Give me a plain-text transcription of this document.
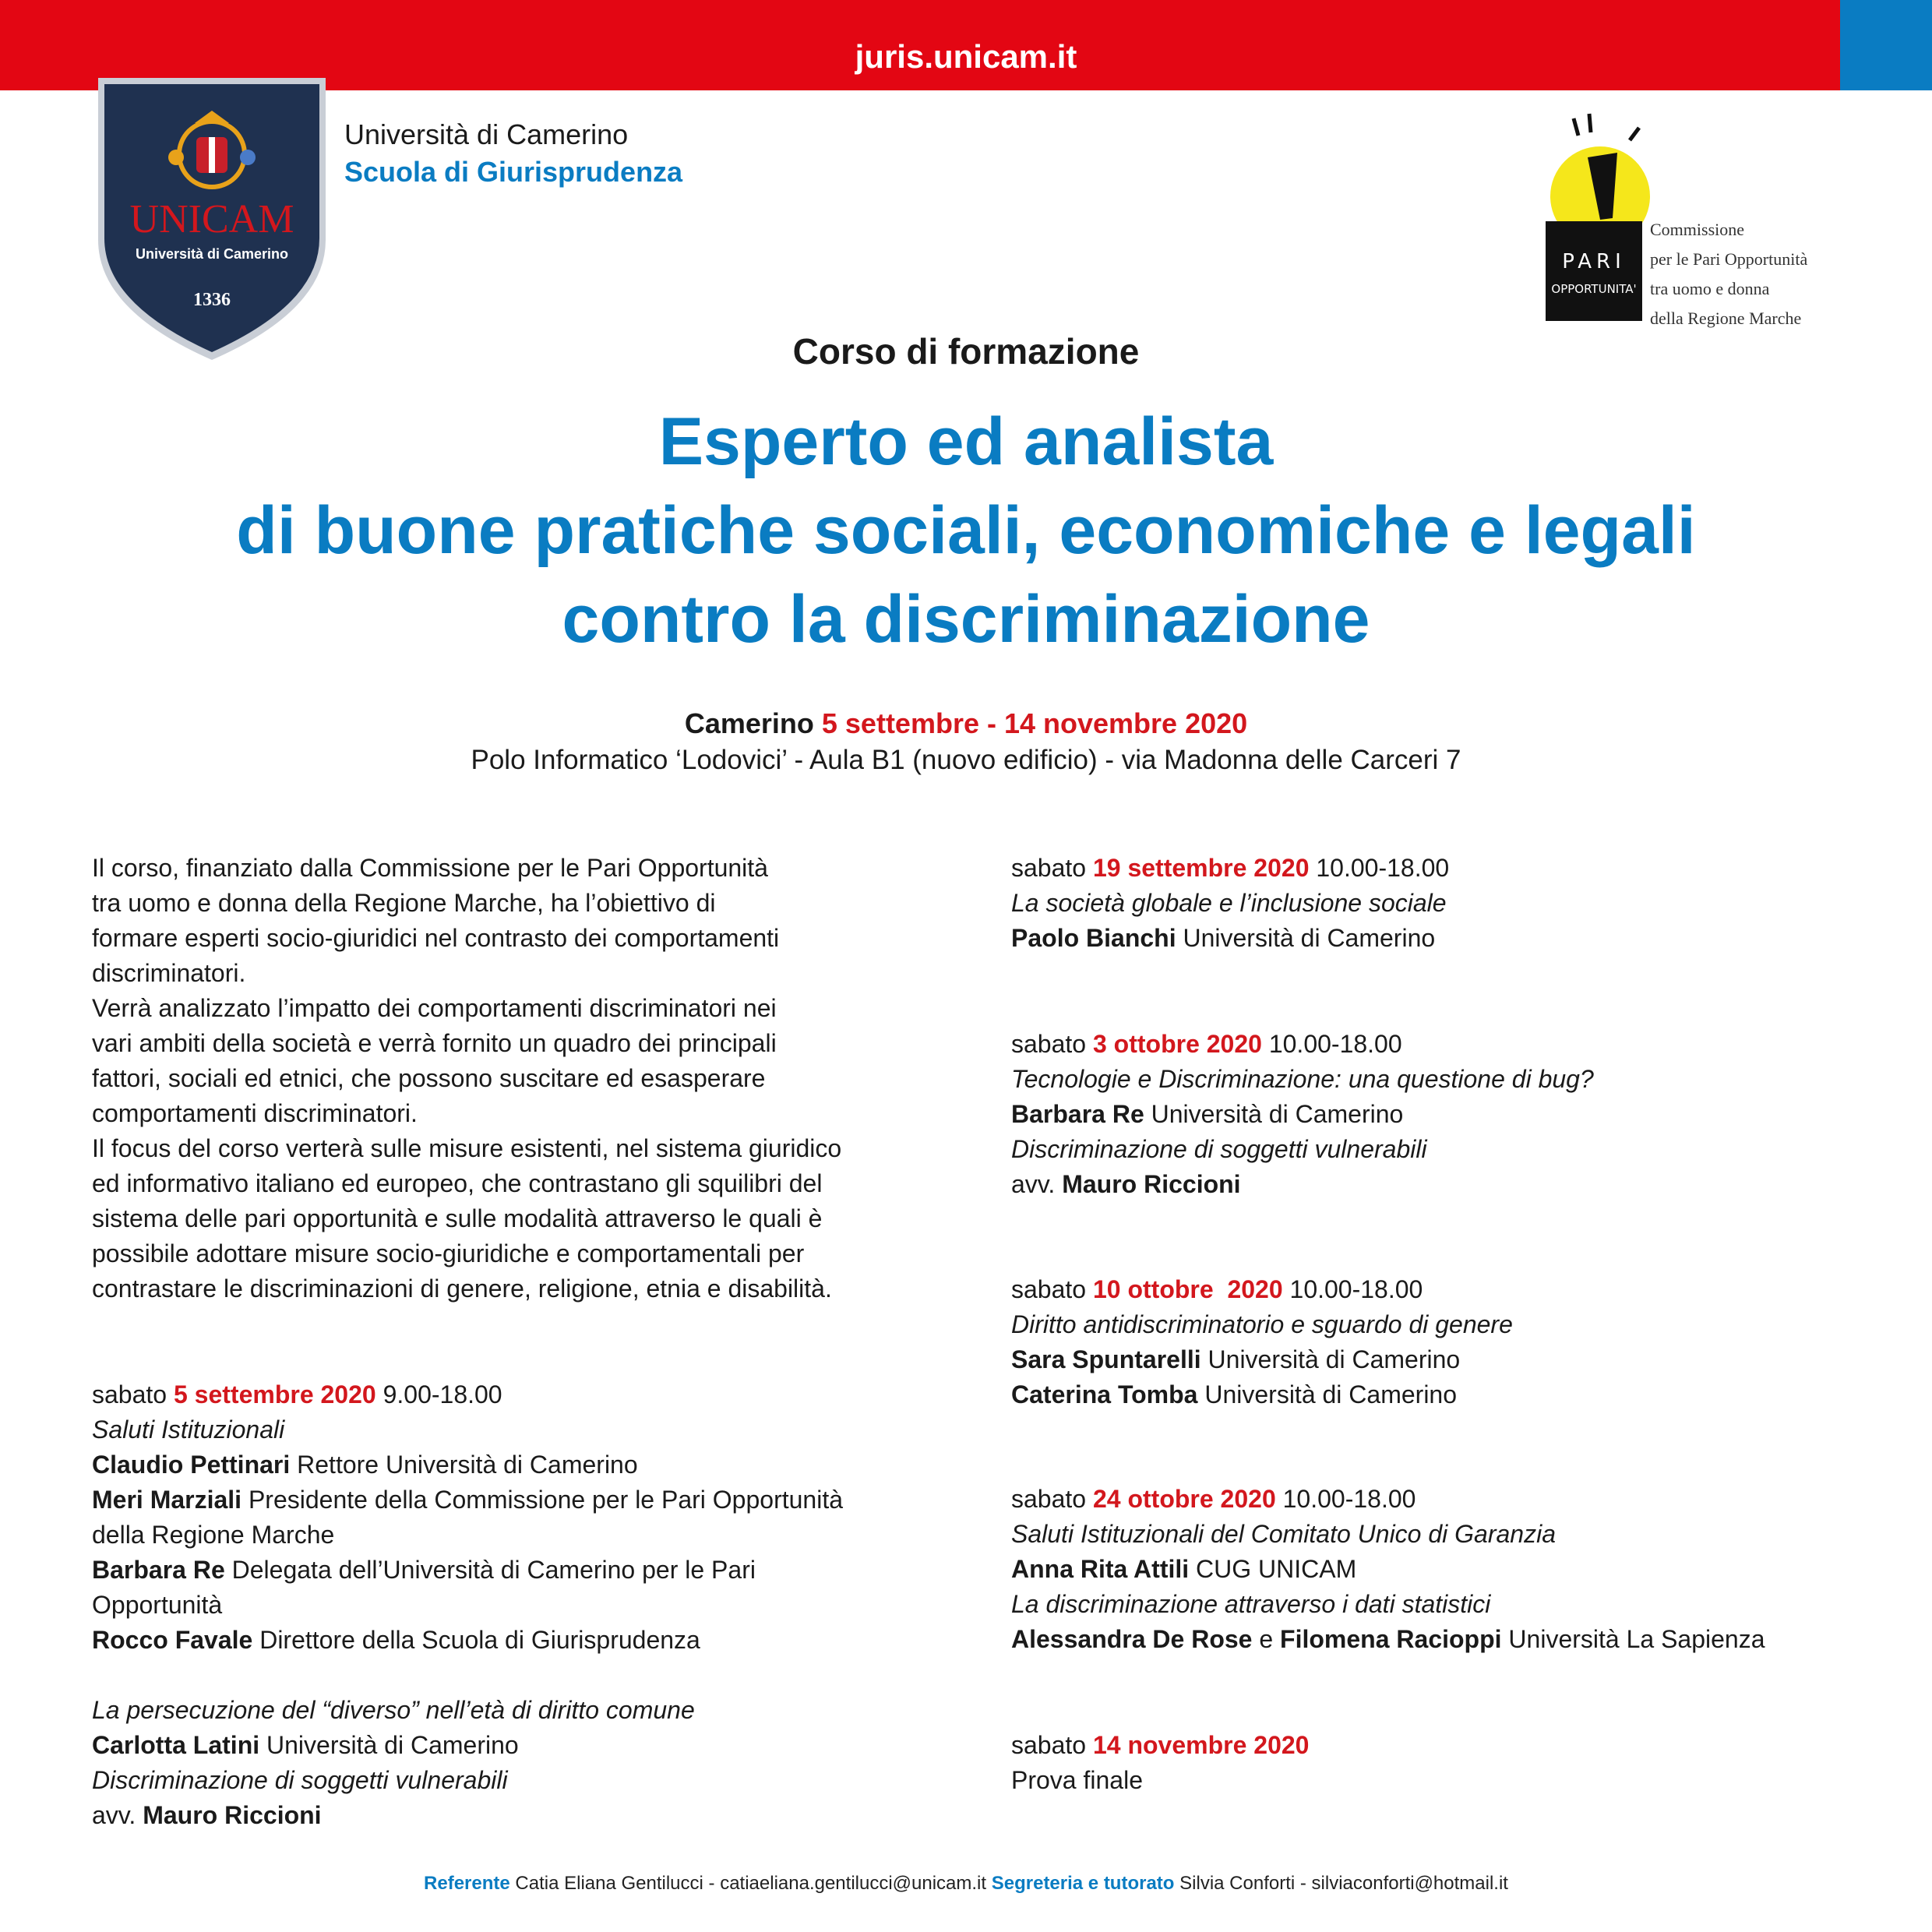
juris.unicam.it
UNICAM
Università di Camerino
1336
Università di Camerino
Scuola di Giurisprudenza
PARI
OPPORTUNITA'
Commissione
per le Pari Opportunità
tra uomo e donna
della Regione Marche
Corso di formazione
Esperto ed analista
di buone pratiche sociali, economiche e legali
contro la discriminazione
Camerino 5 settembre - 14 novembre 2020
Polo Informatico ‘Lodovici’ - Aula B1 (nuovo edificio) - via Madonna delle Carceri 7
Il corso, finanziato dalla Commissione per le Pari Opportunità
tra uomo e donna della Regione Marche, ha l’obiettivo di
formare esperti socio-giuridici nel contrasto dei comportamenti
discriminatori.
Verrà analizzato l’impatto dei comportamenti discriminatori nei
vari ambiti della società e verrà fornito un quadro dei principali
fattori, sociali ed etnici, che possono suscitare ed esasperare
comportamenti discriminatori.
Il focus del corso verterà sulle misure esistenti, nel sistema giuridico
ed informativo italiano ed europeo, che contrastano gli squilibri del
sistema delle pari opportunità e sulle modalità attraverso le quali è
possibile adottare misure socio-giuridiche e comportamentali per
contrastare le discriminazioni di genere, religione, etnia e disabilità.
sabato 5 settembre 2020 9.00-18.00
Saluti Istituzionali
Claudio Pettinari Rettore Università di Camerino
Meri Marziali Presidente della Commissione per le Pari Opportunità
della Regione Marche
Barbara Re Delegata dell’Università di Camerino per le Pari
Opportunità
Rocco Favale Direttore della Scuola di Giurisprudenza
La persecuzione del “diverso” nell’età di diritto comune
Carlotta Latini Università di Camerino
Discriminazione di soggetti vulnerabili
avv. Mauro Riccioni
sabato 19 settembre 2020 10.00-18.00
La società globale e l’inclusione sociale
Paolo Bianchi Università di Camerino
sabato 3 ottobre 2020 10.00-18.00
Tecnologie e Discriminazione: una questione di bug?
Barbara Re Università di Camerino
Discriminazione di soggetti vulnerabili
avv. Mauro Riccioni
sabato 10 ottobre  2020 10.00-18.00
Diritto antidiscriminatorio e sguardo di genere
Sara Spuntarelli Università di Camerino
Caterina Tomba Università di Camerino
sabato 24 ottobre 2020 10.00-18.00
Saluti Istituzionali del Comitato Unico di Garanzia
Anna Rita Attili CUG UNICAM
La discriminazione attraverso i dati statistici
Alessandra De Rose e Filomena Racioppi Università La Sapienza
sabato 14 novembre 2020
Prova finale
Referente Catia Eliana Gentilucci - catiaeliana.gentilucci@unicam.it Segreteria e tutorato Silvia Conforti - silviaconforti@hotmail.it
